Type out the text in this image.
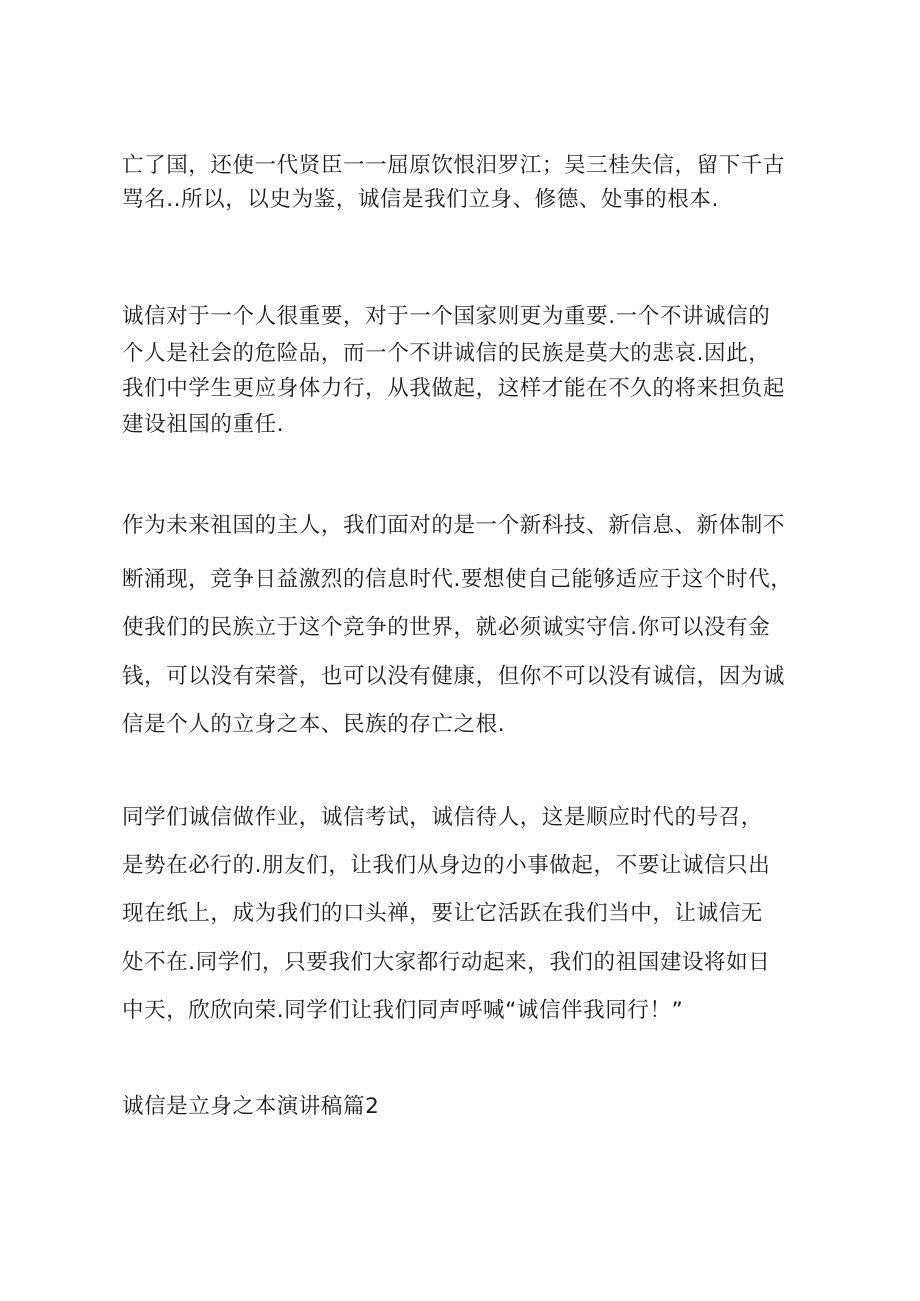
亡了国，还使一代贤臣一一屈原饮恨汨罗江；吴三桂失信，留下千古
骂名..所以，以史为鉴，诚信是我们立身、修德、处事的根本.
诚信对于一个人很重要，对于一个国家则更为重要.一个不讲诚信的
个人是社会的危险品，而一个不讲诚信的民族是莫大的悲哀.因此，
我们中学生更应身体力行，从我做起，这样才能在不久的将来担负起
建设祖国的重任.
作为未来祖国的主人，我们面对的是一个新科技、新信息、新体制不
断涌现，竞争日益激烈的信息时代.要想使自己能够适应于这个时代，
使我们的民族立于这个竞争的世界，就必须诚实守信.你可以没有金
钱，可以没有荣誉，也可以没有健康，但你不可以没有诚信，因为诚
信是个人的立身之本、民族的存亡之根.
同学们诚信做作业，诚信考试，诚信待人，这是顺应时代的号召，
是势在必行的.朋友们，让我们从身边的小事做起，不要让诚信只出
现在纸上，成为我们的口头禅，要让它活跃在我们当中，让诚信无
处不在.同学们，只要我们大家都行动起来，我们的祖国建设将如日
中天，欣欣向荣.同学们让我们同声呼喊“诚信伴我同行！”
诚信是立身之本演讲稿篇2
